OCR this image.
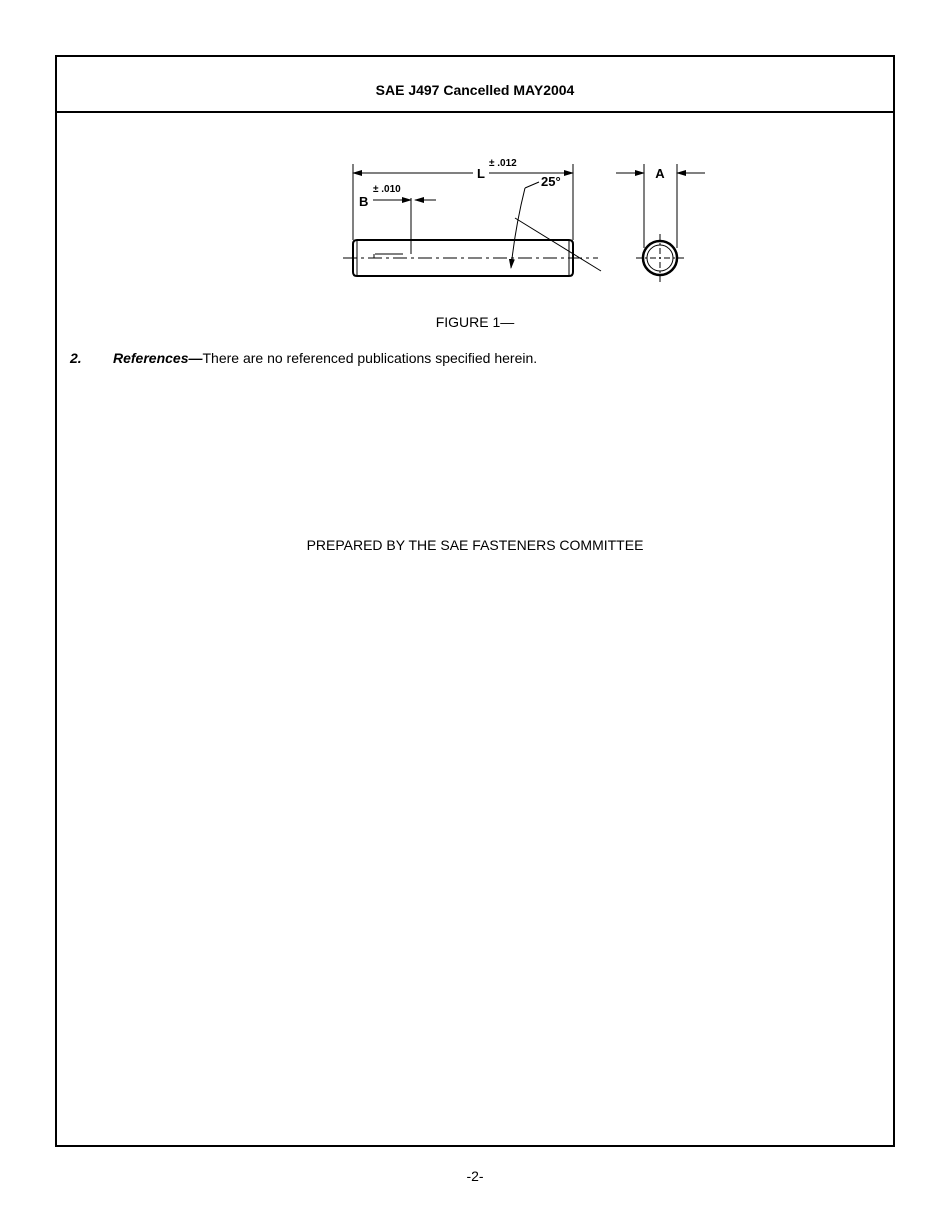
SAE J497 Cancelled MAY2004
L
± .012
B
± .010
25°
A
FIGURE 1—
2. References—There are no referenced publications specified herein.
PREPARED BY THE SAE FASTENERS COMMITTEE
-2-
